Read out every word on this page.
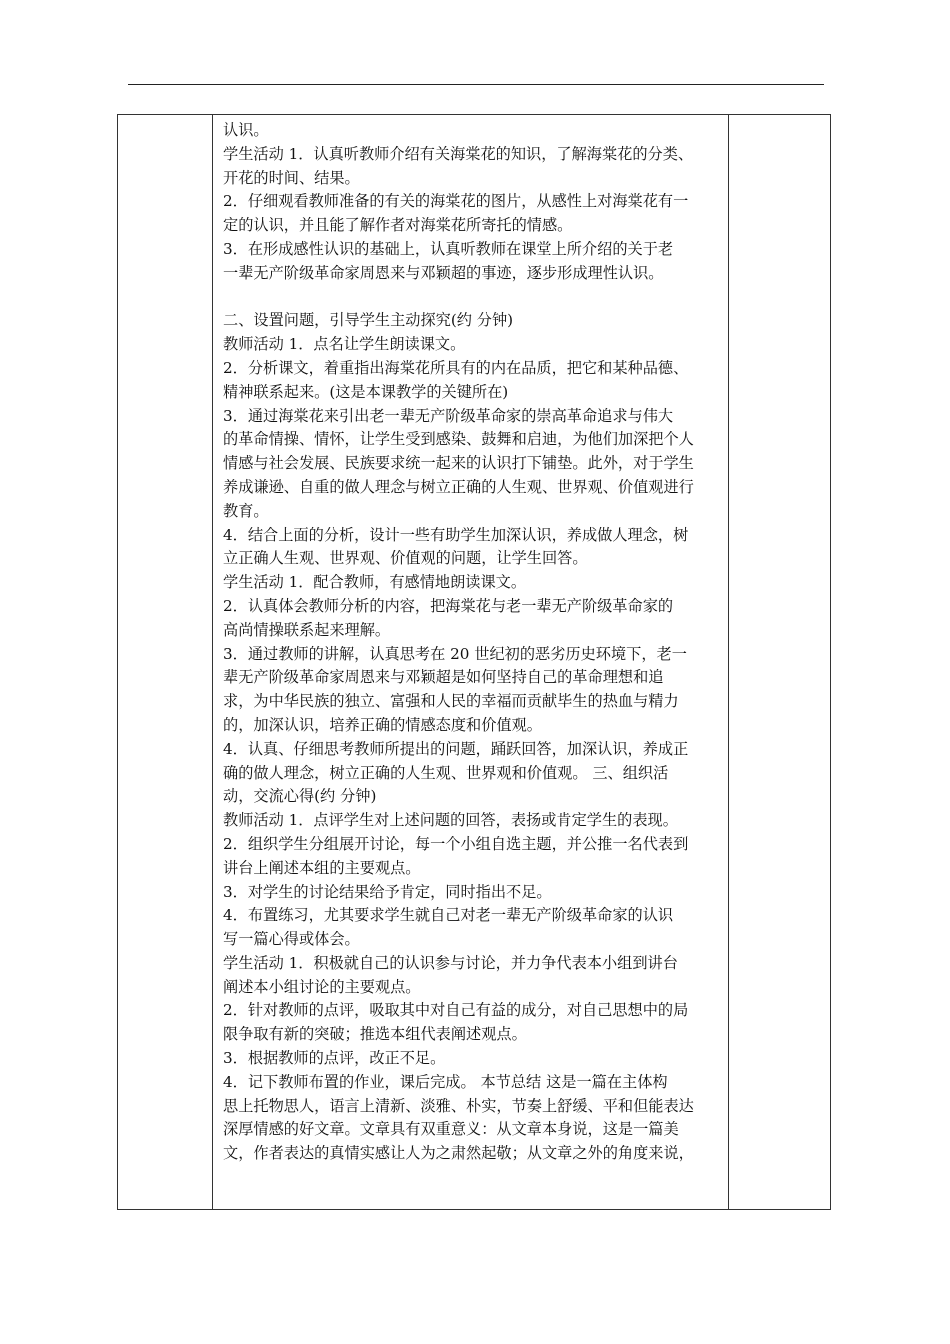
认识。
学生活动 1．认真听教师介绍有关海棠花的知识，了解海棠花的分类、
开花的时间、结果。
2．仔细观看教师准备的有关的海棠花的图片，从感性上对海棠花有一
定的认识，并且能了解作者对海棠花所寄托的情感。
3．在形成感性认识的基础上，认真听教师在课堂上所介绍的关于老
一辈无产阶级革命家周恩来与邓颖超的事迹，逐步形成理性认识。

二、设置问题，引导学生主动探究(约 分钟)
教师活动 1．点名让学生朗读课文。
2．分析课文，着重指出海棠花所具有的内在品质，把它和某种品德、
精神联系起来。(这是本课教学的关键所在)
3．通过海棠花来引出老一辈无产阶级革命家的崇高革命追求与伟大
的革命情操、情怀，让学生受到感染、鼓舞和启迪，为他们加深把个人
情感与社会发展、民族要求统一起来的认识打下铺垫。此外，对于学生
养成谦逊、自重的做人理念与树立正确的人生观、世界观、价值观进行
教育。
4．结合上面的分析，设计一些有助学生加深认识，养成做人理念，树
立正确人生观、世界观、价值观的问题，让学生回答。
学生活动 1．配合教师，有感情地朗读课文。
2．认真体会教师分析的内容，把海棠花与老一辈无产阶级革命家的
高尚情操联系起来理解。
3．通过教师的讲解，认真思考在 20 世纪初的恶劣历史环境下，老一
辈无产阶级革命家周恩来与邓颖超是如何坚持自己的革命理想和追
求，为中华民族的独立、富强和人民的幸福而贡献毕生的热血与精力
的，加深认识，培养正确的情感态度和价值观。
4．认真、仔细思考教师所提出的问题，踊跃回答，加深认识，养成正
确的做人理念，树立正确的人生观、世界观和价值观。 三、组织活
动，交流心得(约 分钟)
教师活动 1．点评学生对上述问题的回答，表扬或肯定学生的表现。
2．组织学生分组展开讨论，每一个小组自选主题，并公推一名代表到
讲台上阐述本组的主要观点。
3．对学生的讨论结果给予肯定，同时指出不足。
4．布置练习，尤其要求学生就自己对老一辈无产阶级革命家的认识
写一篇心得或体会。
学生活动 1．积极就自己的认识参与讨论，并力争代表本小组到讲台
阐述本小组讨论的主要观点。
2．针对教师的点评，吸取其中对自己有益的成分，对自己思想中的局
限争取有新的突破；推选本组代表阐述观点。
3．根据教师的点评，改正不足。
4．记下教师布置的作业，课后完成。 本节总结 这是一篇在主体构
思上托物思人，语言上清新、淡雅、朴实，节奏上舒缓、平和但能表达
深厚情感的好文章。文章具有双重意义：从文章本身说，这是一篇美
文，作者表达的真情实感让人为之肃然起敬；从文章之外的角度来说，
